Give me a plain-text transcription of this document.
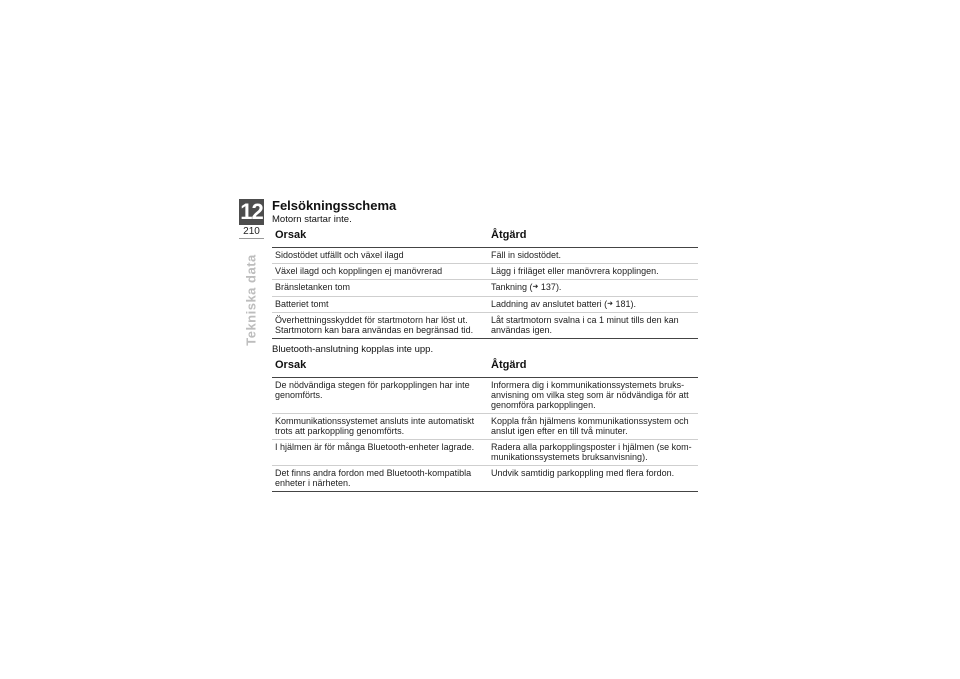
12
210
Tekniska data
Felsökningsschema

Motorn startar inte.

Orsak	Åtgärd
Sidostödet utfällt och växel ilagd	Fäll in sidostödet.
Växel ilagd och kopplingen ej manövrerad	Lägg i friläget eller manövrera kopplingen.
Bränsletanken tom	Tankning (➜ 137).
Batteriet tomt	Laddning av anslutet batteri (➜ 181).
Överhettningsskyddet för startmotorn har löst ut. Startmotorn kan bara användas en begränsad tid.	Låt startmotorn svalna i ca 1 minut tills den kan användas igen.

Bluetooth-anslutning kopplas inte upp.

Orsak	Åtgärd
De nödvändiga stegen för parkopplingen har inte genomförts.	Informera dig i kommunikationssystemets bruks-anvisning om vilka steg som är nödvändiga för att genomföra parkopplingen.
Kommunikationssystemet ansluts inte automatiskt trots att parkoppling genomförts.	Koppla från hjälmens kommunikationssystem och anslut igen efter en till två minuter.
I hjälmen är för många Bluetooth-enheter lagrade.	Radera alla parkopplingsposter i hjälmen (se kom-munikationssystemets bruksanvisning).
Det finns andra fordon med Bluetooth-kompatibla enheter i närheten.	Undvik samtidig parkoppling med flera fordon.
